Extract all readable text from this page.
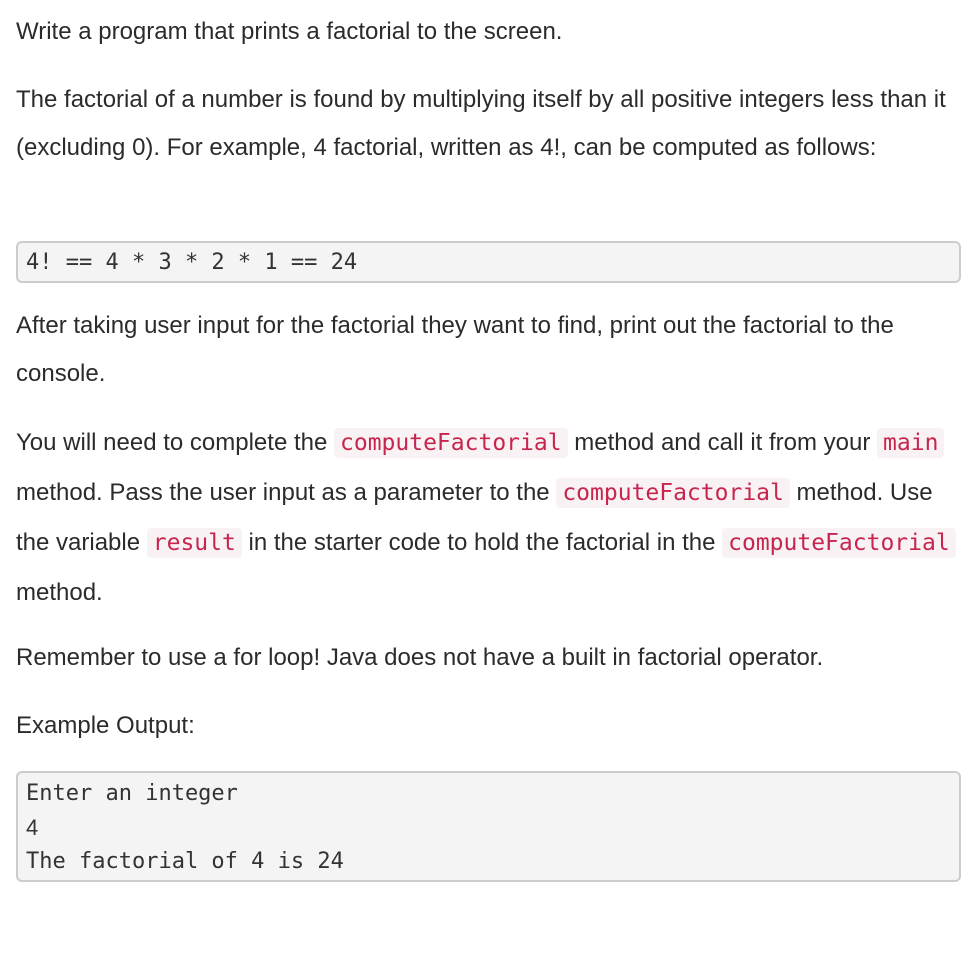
Write a program that prints a factorial to the screen.

The factorial of a number is found by multiplying itself by all positive integers less than it (excluding 0). For example, 4 factorial, written as 4!, can be computed as follows:

4! == 4 * 3 * 2 * 1 == 24

After taking user input for the factorial they want to find, print out the factorial to the console.

You will need to complete the computeFactorial method and call it from your main method. Pass the user input as a parameter to the computeFactorial method. Use the variable result in the starter code to hold the factorial in the computeFactorial method.

Remember to use a for loop! Java does not have a built in factorial operator.

Example Output:

Enter an integer
4
The factorial of 4 is 24
